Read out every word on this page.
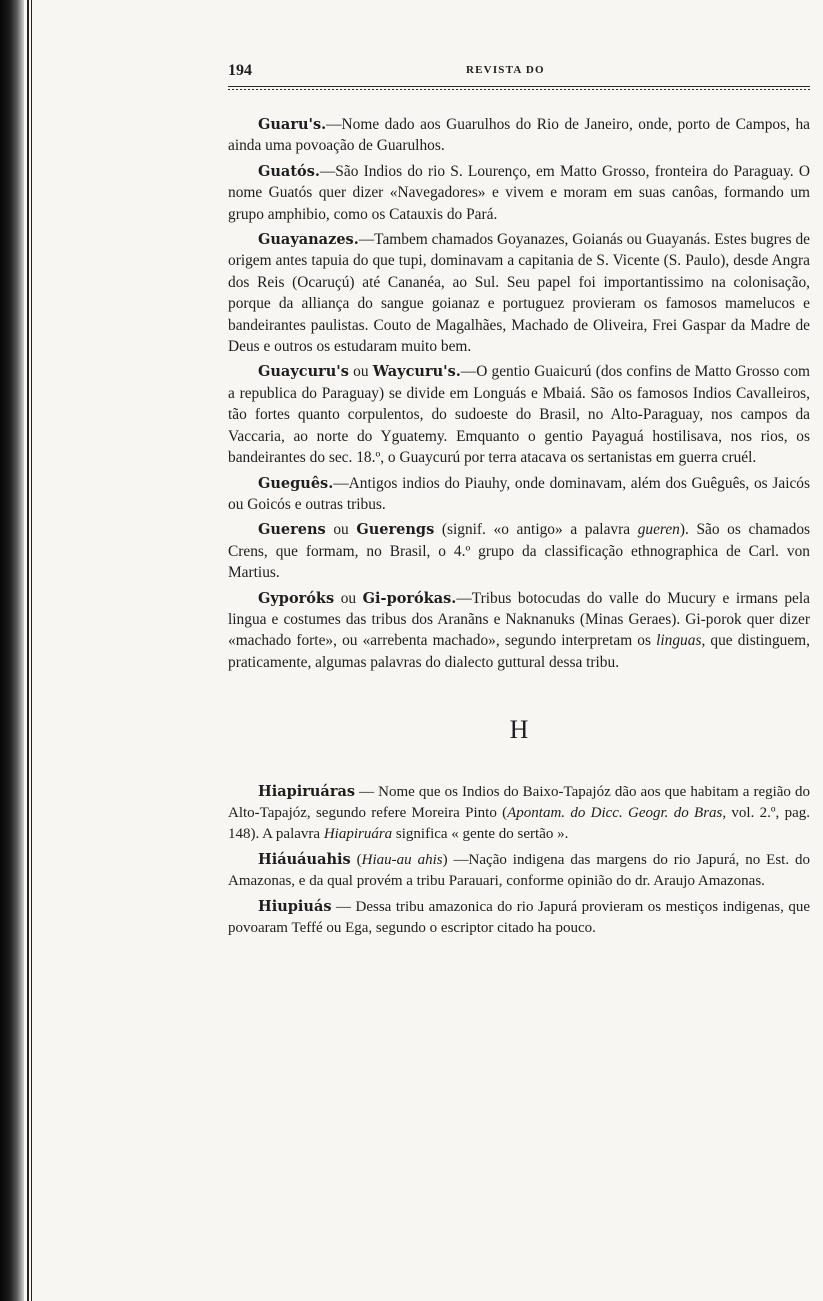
194	REVISTA DO

Guaru's.—Nome dado aos Guarulhos do Rio de Janeiro, onde, porto de Campos, ha ainda uma povoação de Guarulhos.

Guatós.—São Indios do rio S. Lourenço, em Matto Grosso, fronteira do Paraguay. O nome Guatós quer dizer «Navegadores» e vivem e moram em suas canôas, formando um grupo amphibio, como os Catauxis do Pará.

Guayanazes.—Tambem chamados Goyanazes, Goianás ou Guayanás. Estes bugres de origem antes tapuia do que tupi, dominavam a capitania de S. Vicente (S. Paulo), desde Angra dos Reis (Ocaruçú) até Cananéa, ao Sul. Seu papel foi importantissimo na colonisação, porque da alliança do sangue goianaz e portuguez provieram os famosos mamelucos e bandeirantes paulistas. Couto de Magalhães, Machado de Oliveira, Frei Gaspar da Madre de Deus e outros os estudaram muito bem.

Guaycuru's ou Waycuru's.—O gentio Guaicurú (dos confins de Matto Grosso com a republica do Paraguay) se divide em Longuás e Mbaiá. São os famosos Indios Cavalleiros, tão fortes quanto corpulentos, do sudoeste do Brasil, no Alto-Paraguay, nos campos da Vaccaria, ao norte do Yguatemy. Emquanto o gentio Payaguá hostilisava, nos rios, os bandeirantes do sec. 18.º, o Guaycurú por terra atacava os sertanistas em guerra cruél.

Gueguês.—Antigos indios do Piauhy, onde dominavam, além dos Guêguês, os Jaicós ou Goicós e outras tribus.

Guerens ou Guerengs (signif. «o antigo» a palavra gueren). São os chamados Crens, que formam, no Brasil, o 4.º grupo da classificação ethnographica de Carl. von Martius.

Gyporóks ou Gi-porókas.—Tribus botocudas do valle do Mucury e irmans pela lingua e costumes das tribus dos Aranãns e Naknanuks (Minas Geraes). Gi-porok quer dizer «machado forte», ou «arrebenta machado», segundo interpretam os linguas, que distinguem, praticamente, algumas palavras do dialecto guttural dessa tribu.

H

Hiapiruáras — Nome que os Indios do Baixo-Tapajóz dão aos que habitam a região do Alto-Tapajóz, segundo refere Moreira Pinto (Apontam. do Dicc. Geogr. do Bras, vol. 2.º, pag. 148). A palavra Hiapiruára significa « gente do sertão ».

Hiáuáuahis (Hiau-au ahis) —Nação indigena das margens do rio Japurá, no Est. do Amazonas, e da qual provém a tribu Parauari, conforme opinião do dr. Araujo Amazonas.

Hiupiuás — Dessa tribu amazonica do rio Japurá provieram os mestiços indigenas, que povoaram Teffé ou Ega, segundo o escriptor citado ha pouco.
